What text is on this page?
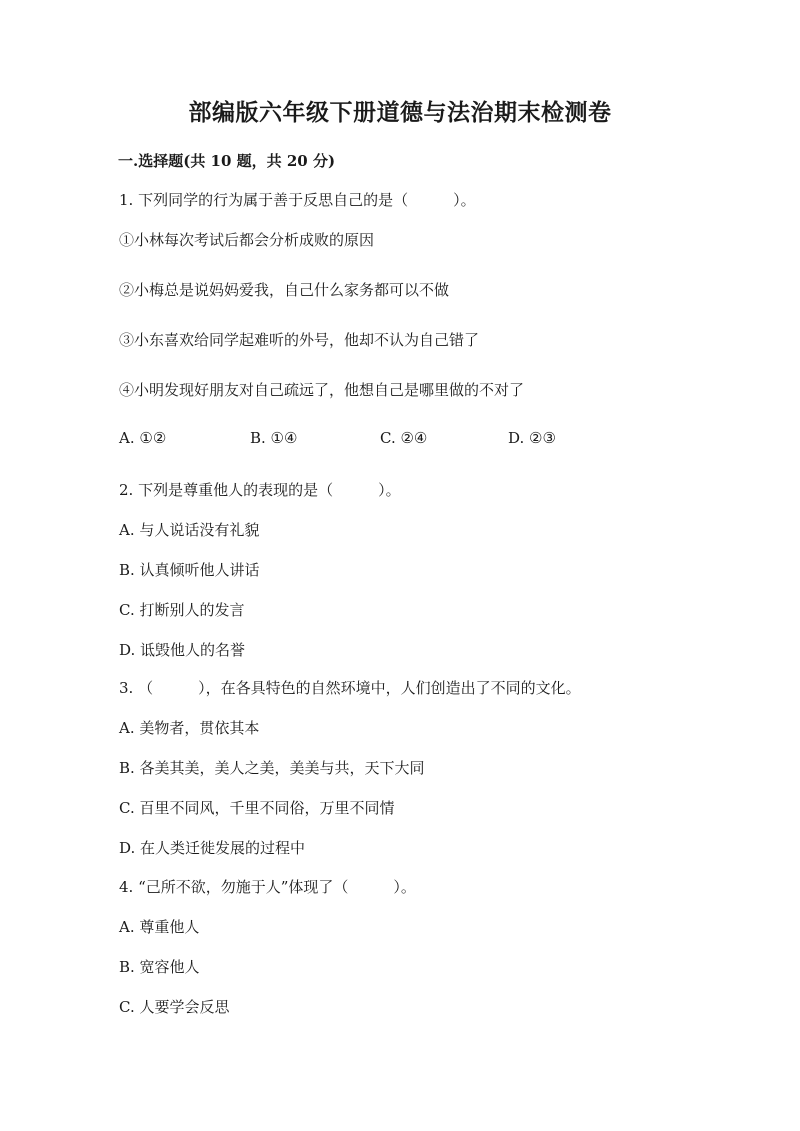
部编版六年级下册道德与法治期末检测卷
一.选择题(共 10 题，共 20 分)
1. 下列同学的行为属于善于反思自己的是（　　　）。
①小林每次考试后都会分析成败的原因
②小梅总是说妈妈爱我，自己什么家务都可以不做
③小东喜欢给同学起难听的外号，他却不认为自己错了
④小明发现好朋友对自己疏远了，他想自己是哪里做的不对了
A. ①②	B. ①④	C. ②④	D. ②③
2. 下列是尊重他人的表现的是（　　　）。
A. 与人说话没有礼貌
B. 认真倾听他人讲话
C. 打断别人的发言
D. 诋毁他人的名誉
3. （　　　），在各具特色的自然环境中，人们创造出了不同的文化。
A. 美物者，贯依其本
B. 各美其美，美人之美，美美与共，天下大同
C. 百里不同风，千里不同俗，万里不同情
D. 在人类迁徙发展的过程中
4. “己所不欲，勿施于人”体现了（　　　）。
A. 尊重他人
B. 宽容他人
C. 人要学会反思
